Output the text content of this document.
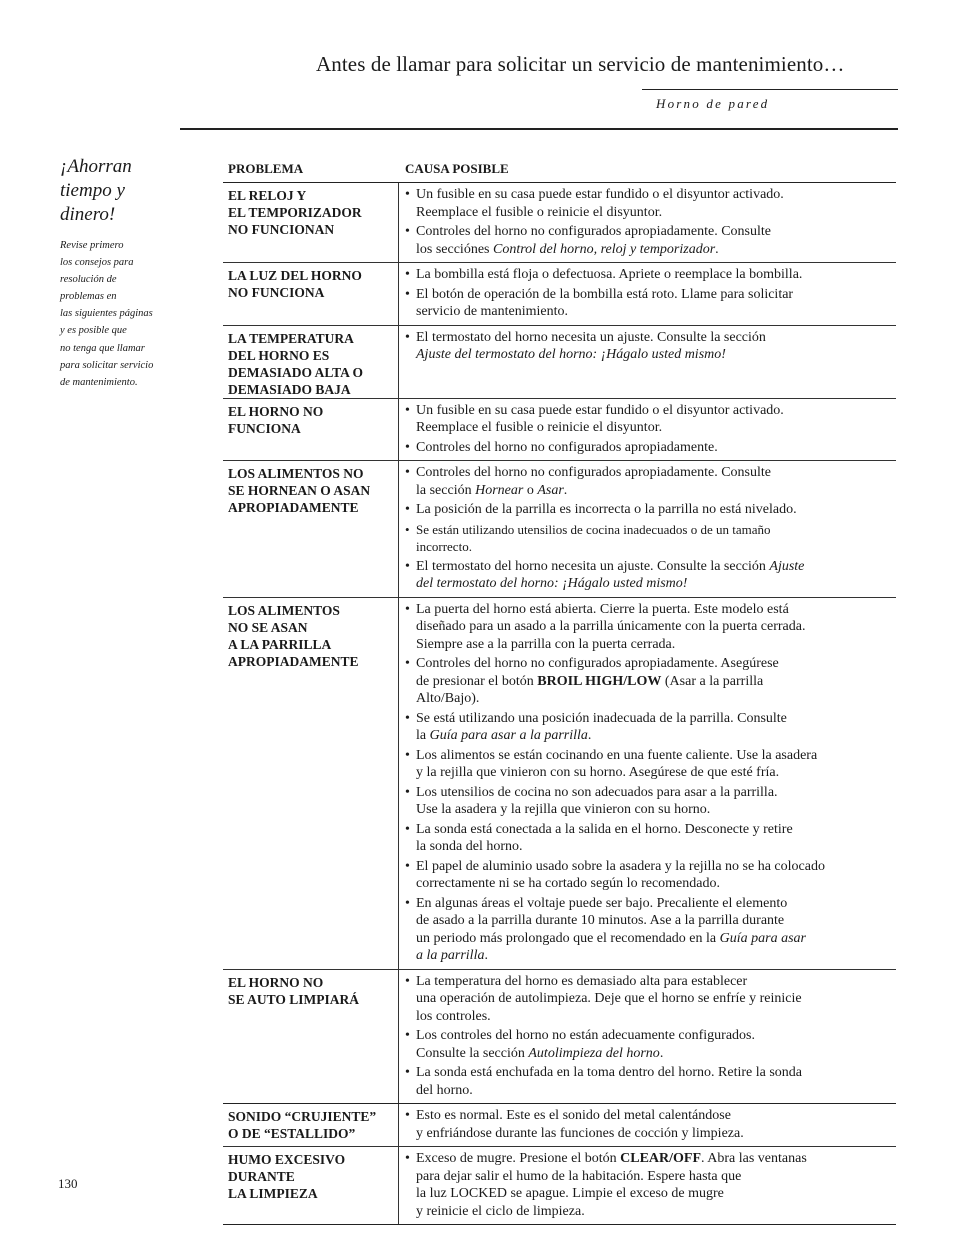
Antes de llamar para solicitar un servicio de mantenimiento…
Horno de pared
¡Ahorran
tiempo y
dinero!
Revise primero
los consejos para
resolución de
problemas en
las siguientes páginas
y es posible que
no tenga que llamar
para solicitar servicio
de mantenimiento.
PROBLEMA	CAUSA POSIBLE
EL RELOJ Y
EL TEMPORIZADOR
NO FUNCIONAN
• Un fusible en su casa puede estar fundido o el disyuntor activado.
Reemplace el fusible o reinicie el disyuntor.
• Controles del horno no configurados apropiadamente. Consulte
los secciónes Control del horno, reloj y temporizador.
LA LUZ DEL HORNO
NO FUNCIONA
• La bombilla está floja o defectuosa. Apriete o reemplace la bombilla.
• El botón de operación de la bombilla está roto. Llame para solicitar
servicio de mantenimiento.
LA TEMPERATURA
DEL HORNO ES
DEMASIADO ALTA O
DEMASIADO BAJA
• El termostato del horno necesita un ajuste. Consulte la sección
Ajuste del termostato del horno: ¡Hágalo usted mismo!
EL HORNO NO
FUNCIONA
• Un fusible en su casa puede estar fundido o el disyuntor activado.
Reemplace el fusible o reinicie el disyuntor.
• Controles del horno no configurados apropiadamente.
LOS ALIMENTOS NO
SE HORNEAN O ASAN
APROPIADAMENTE
• Controles del horno no configurados apropiadamente. Consulte
la sección Hornear o Asar.
• La posición de la parrilla es incorrecta o la parrilla no está nivelado.
• Se están utilizando utensilios de cocina inadecuados o de un tamaño
incorrecto.
• El termostato del horno necesita un ajuste. Consulte la sección Ajuste
del termostato del horno: ¡Hágalo usted mismo!
LOS ALIMENTOS
NO SE ASAN
A LA PARRILLA
APROPIADAMENTE
• La puerta del horno está abierta. Cierre la puerta. Este modelo está
diseñado para un asado a la parrilla únicamente con la puerta cerrada.
Siempre ase a la parrilla con la puerta cerrada.
• Controles del horno no configurados apropiadamente. Asegúrese
de presionar el botón BROIL HIGH/LOW (Asar a la parrilla
Alto/Bajo).
• Se está utilizando una posición inadecuada de la parrilla. Consulte
la Guía para asar a la parrilla.
• Los alimentos se están cocinando en una fuente caliente. Use la asadera
y la rejilla que vinieron con su horno. Asegúrese de que esté fría.
• Los utensilios de cocina no son adecuados para asar a la parrilla.
Use la asadera y la rejilla que vinieron con su horno.
• La sonda está conectada a la salida en el horno. Desconecte y retire
la sonda del horno.
• El papel de aluminio usado sobre la asadera y la rejilla no se ha colocado
correctamente ni se ha cortado según lo recomendado.
• En algunas áreas el voltaje puede ser bajo. Precaliente el elemento
de asado a la parrilla durante 10 minutos. Ase a la parrilla durante
un periodo más prolongado que el recomendado en la Guía para asar
a la parrilla.
EL HORNO NO
SE AUTO LIMPIARÁ
• La temperatura del horno es demasiado alta para establecer
una operación de autolimpieza. Deje que el horno se enfríe y reinicie
los controles.
• Los controles del horno no están adecuamente configurados.
Consulte la sección Autolimpieza del horno.
• La sonda está enchufada en la toma dentro del horno. Retire la sonda
del horno.
SONIDO “CRUJIENTE”
O DE “ESTALLIDO”
• Esto es normal. Este es el sonido del metal calentándose
y enfriándose durante las funciones de cocción y limpieza.
HUMO EXCESIVO
DURANTE
LA LIMPIEZA
• Exceso de mugre. Presione el botón CLEAR/OFF. Abra las ventanas
para dejar salir el humo de la habitación. Espere hasta que
la luz LOCKED se apague. Limpie el exceso de mugre
y reinicie el ciclo de limpieza.
130
